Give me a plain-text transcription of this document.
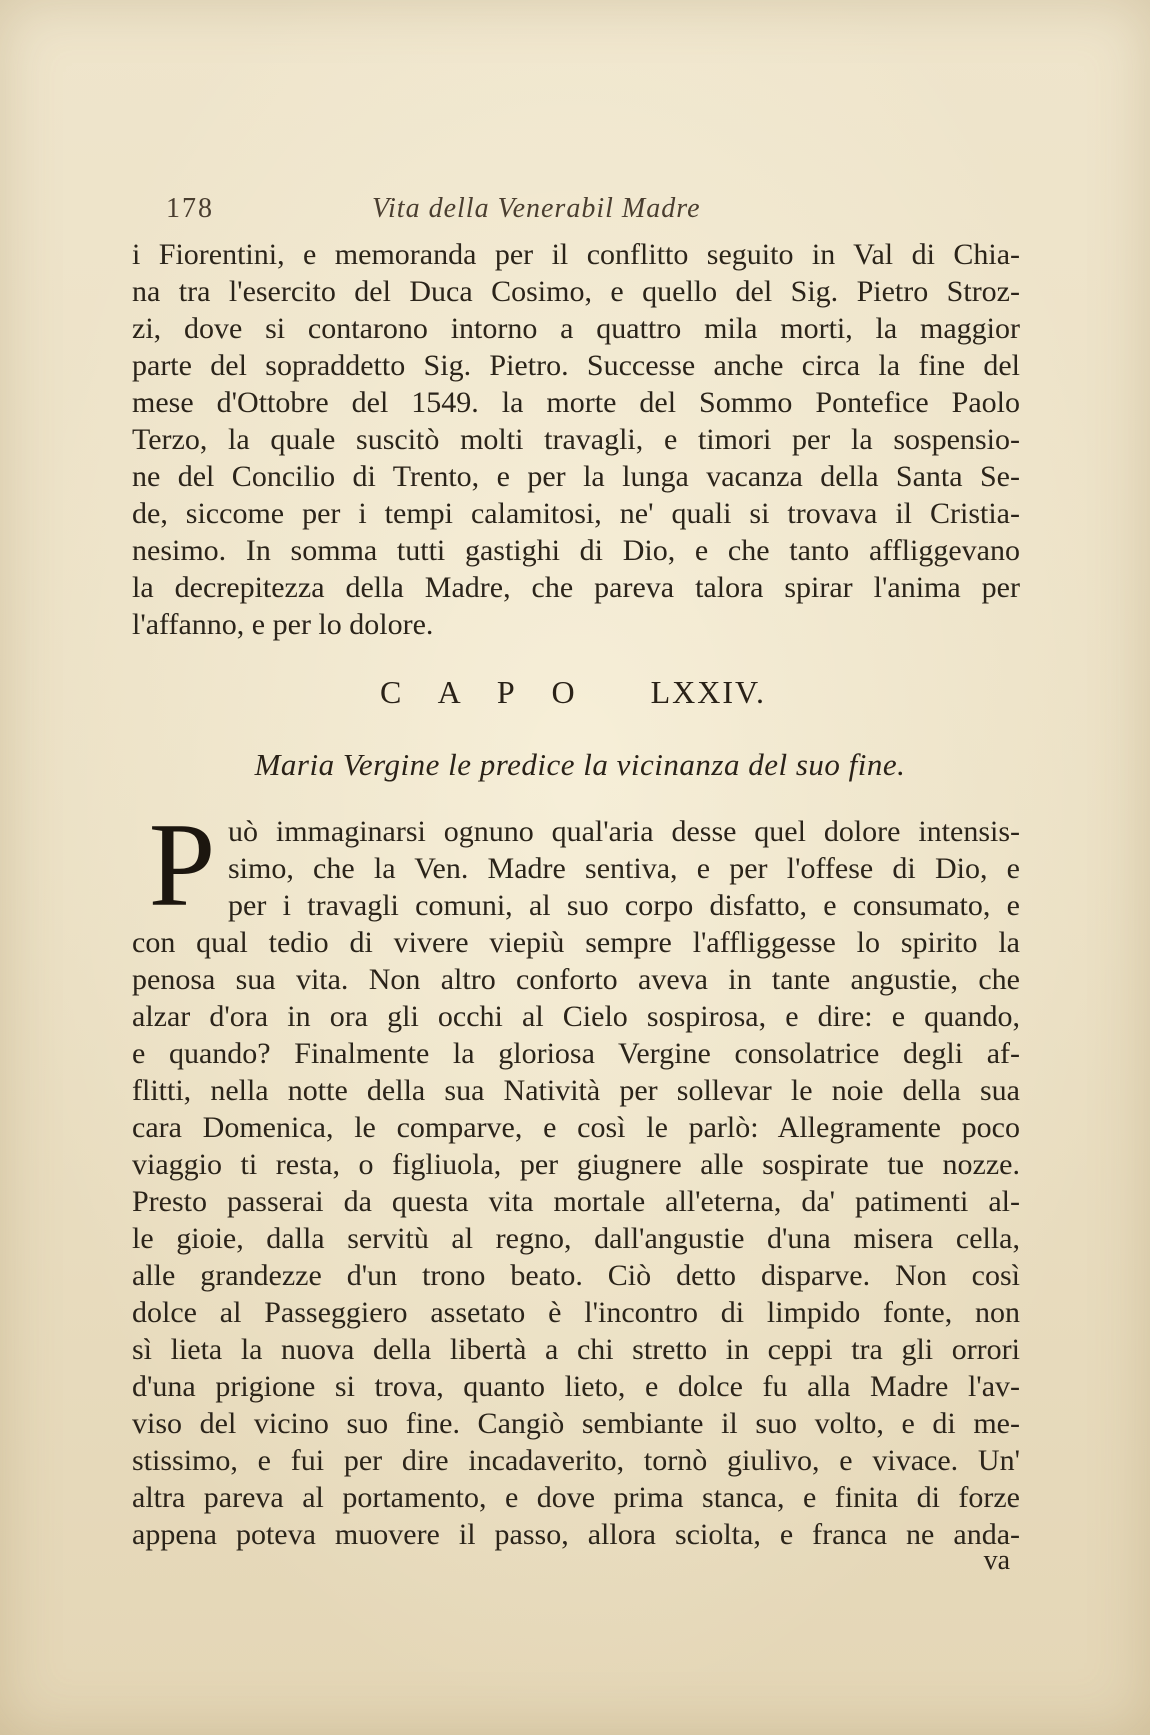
178	Vita della Venerabil Madre
i Fiorentini, e memoranda per il conflitto seguito in Val di Chia-
na tra l'esercito del Duca Cosimo, e quello del Sig. Pietro Stroz-
zi, dove si contarono intorno a quattro mila morti, la maggior
parte del sopraddetto Sig. Pietro. Successe anche circa la fine del
mese d'Ottobre del 1549. la morte del Sommo Pontefice Paolo
Terzo, la quale suscitò molti travagli, e timori per la sospensio-
ne del Concilio di Trento, e per la lunga vacanza della Santa Se-
de, siccome per i tempi calamitosi, ne' quali si trovava il Cristia-
nesimo. In somma tutti gastighi di Dio, e che tanto affliggevano
la decrepitezza della Madre, che pareva talora spirar l'anima per
l'affanno, e per lo dolore.
C A P O LXXIV.
Maria Vergine le predice la vicinanza del suo fine.
P uò immaginarsi ognuno qual'aria desse quel dolore intensis-
simo, che la Ven. Madre sentiva, e per l'offese di Dio, e
per i travagli comuni, al suo corpo disfatto, e consumato, e
con qual tedio di vivere viepiù sempre l'affliggesse lo spirito la
penosa sua vita. Non altro conforto aveva in tante angustie, che
alzar d'ora in ora gli occhi al Cielo sospirosa, e dire: e quando,
e quando? Finalmente la gloriosa Vergine consolatrice degli af-
flitti, nella notte della sua Natività per sollevar le noie della sua
cara Domenica, le comparve, e così le parlò: Allegramente poco
viaggio ti resta, o figliuola, per giugnere alle sospirate tue nozze.
Presto passerai da questa vita mortale all'eterna, da' patimenti al-
le gioie, dalla servitù al regno, dall'angustie d'una misera cella,
alle grandezze d'un trono beato. Ciò detto disparve. Non così
dolce al Passeggiero assetato è l'incontro di limpido fonte, non
sì lieta la nuova della libertà a chi stretto in ceppi tra gli orrori
d'una prigione si trova, quanto lieto, e dolce fu alla Madre l'av-
viso del vicino suo fine. Cangiò sembiante il suo volto, e di me-
stissimo, e fui per dire incadaverito, tornò giulivo, e vivace. Un'
altra pareva al portamento, e dove prima stanca, e finita di forze
appena poteva muovere il passo, allora sciolta, e franca ne anda-
va
